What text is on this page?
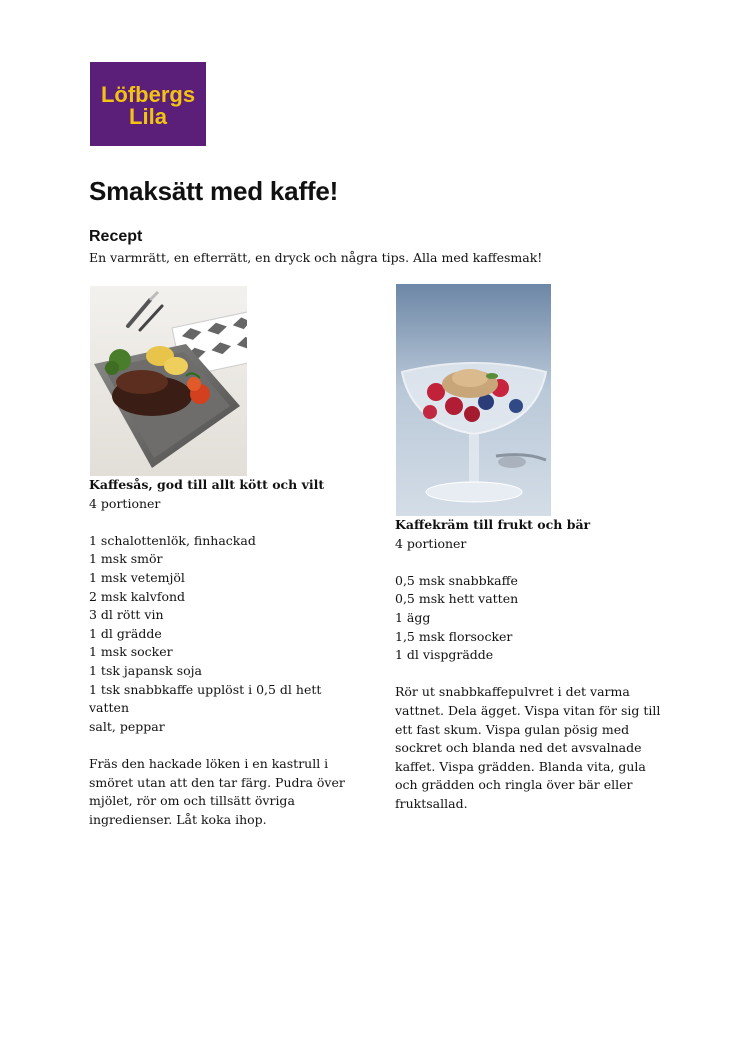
Löfbergs
Lila
Smaksätt med kaffe!
Recept

En varmrätt, en efterrätt, en dryck och några tips. Alla med kaffesmak!

Kaffesås, god till allt kött och vilt

4 portioner

1 schalottenlök, finhackad

1 msk smör

1 msk vetemjöl

2 msk kalvfond

3 dl rött vin

1 dl grädde

1 msk socker

1 tsk japansk soja

1 tsk snabbkaffe upplöst i 0,5 dl hett vatten

salt, peppar

Fräs den hackade löken i en kastrull i

smöret utan att den tar färg. Pudra över

mjölet, rör om och tillsätt övriga

ingredienser. Låt koka ihop.

Kaffekräm till frukt och bär

4 portioner

0,5 msk snabbkaffe

0,5 msk hett vatten

1 ägg

1,5 msk florsocker

1 dl vispgrädde

Rör ut snabbkaffepulvret i det varma

vattnet. Dela ägget. Vispa vitan för sig till

ett fast skum. Vispa gulan pösig med

sockret och blanda ned det avsvalnade

kaffet. Vispa grädden. Blanda vita, gula

och grädden och ringla över bär eller

fruktsallad.
